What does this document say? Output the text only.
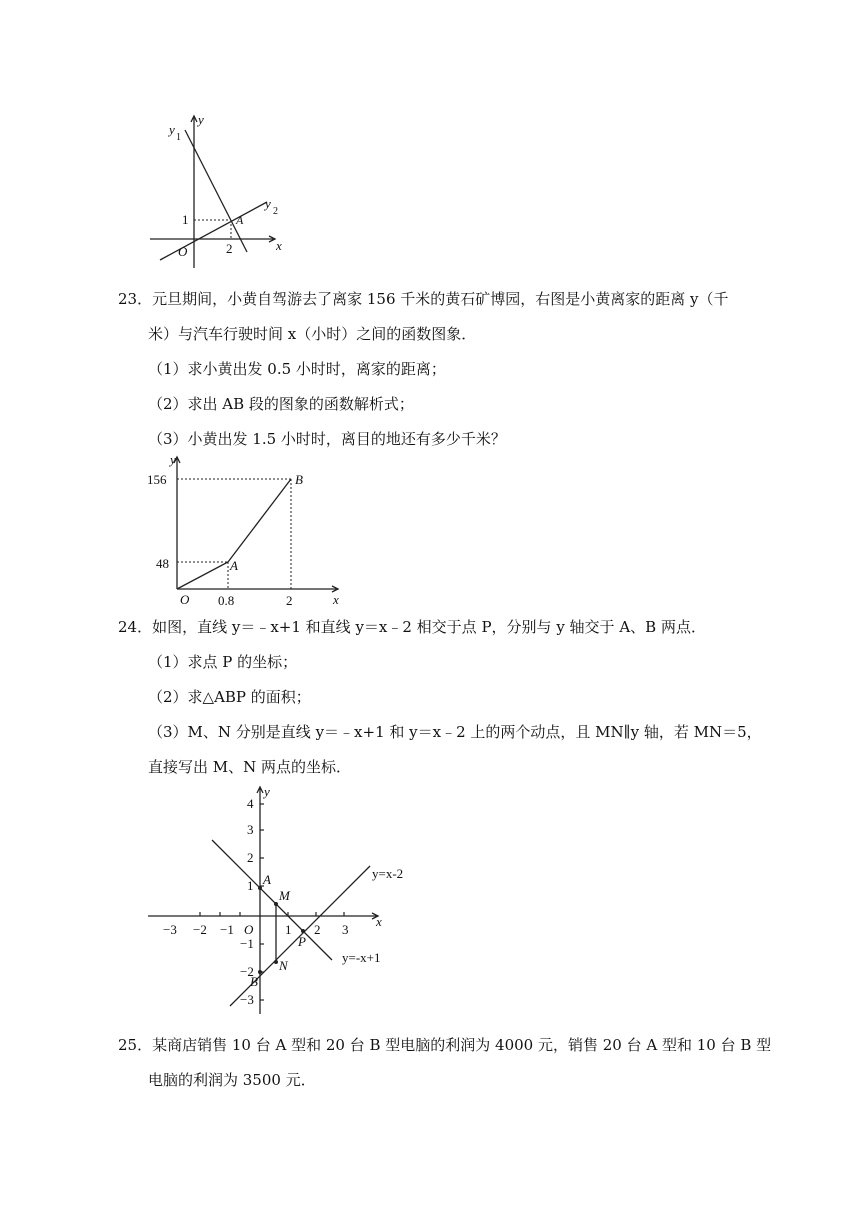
y
y
1
y
2
x
O
1
2
A
23．元旦期间，小黄自驾游去了离家 156 千米的黄石矿博园，右图是小黄离家的距离 y（千
米）与汽车行驶时间 x（小时）之间的函数图象．
（1）求小黄出发 0.5 小时时，离家的距离；
（2）求出 AB 段的图象的函数解析式；
（3）小黄出发 1.5 小时时，离目的地还有多少千米？
y
156
48
O 0.8	2	x
A
B
24．如图，直线 y＝﹣x+1 和直线 y＝x﹣2 相交于点 P，分别与 y 轴交于 A、B 两点．
（1）求点 P 的坐标；
（2）求△ABP 的面积；
（3）M、N 分别是直线 y＝﹣x+1 和 y＝x﹣2 上的两个动点，且 MN∥y 轴，若 MN＝5，
直接写出 M、N 两点的坐标．
y
x
O
−3 −2 −1	1 2 3
4
3
2
1
−1
−2
−3
y=x-2
y=-x+1
A
B
M
N
P
25．某商店销售 10 台 A 型和 20 台 B 型电脑的利润为 4000 元，销售 20 台 A 型和 10 台 B 型
电脑的利润为 3500 元．
